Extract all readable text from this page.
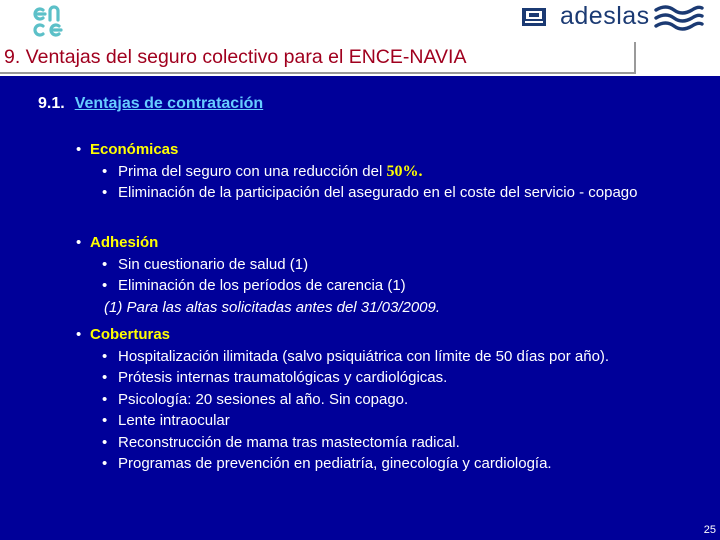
adeslas
9. Ventajas del seguro colectivo para el ENCE-NAVIA
9.1. Ventajas de contratación
• Económicas
• Prima del seguro con una reducción del 50%.
• Eliminación de la participación del asegurado en el coste del servicio - copago
• Adhesión
• Sin cuestionario de salud (1)
• Eliminación de los períodos de carencia (1)
(1) Para las altas solicitadas antes del 31/03/2009.
• Coberturas
• Hospitalización ilimitada (salvo psiquiátrica con límite de 50 días por año).
• Prótesis internas traumatológicas y cardiológicas.
• Psicología: 20 sesiones al año. Sin copago.
• Lente intraocular
• Reconstrucción de mama tras mastectomía radical.
• Programas de prevención en pediatría, ginecología y cardiología.
25
